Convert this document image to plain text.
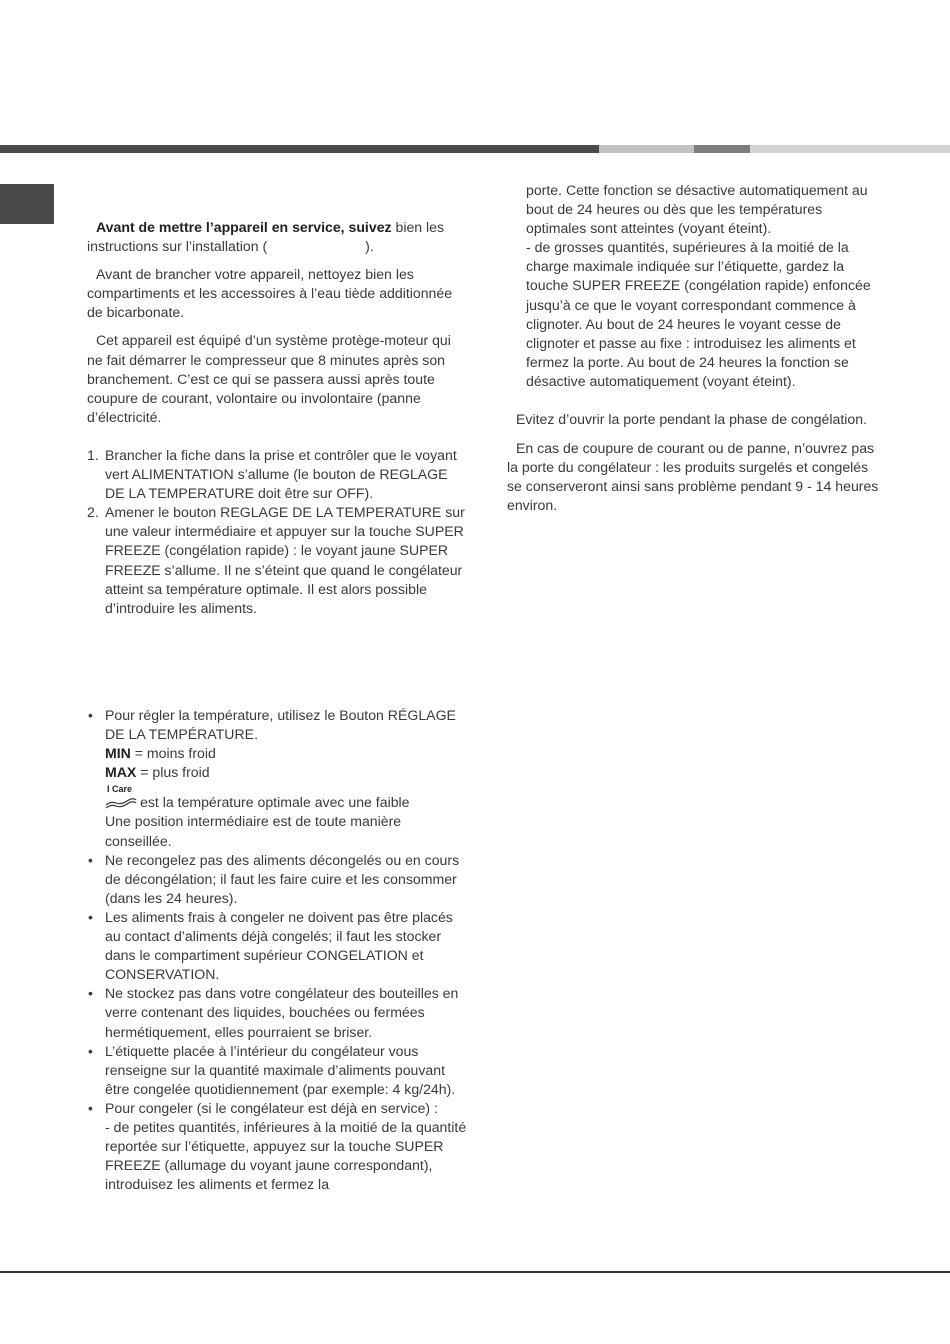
Avant de mettre l’appareil en service, suivez bien les instructions sur l’installation (	).

Avant de brancher votre appareil, nettoyez bien les compartiments et les accessoires à l’eau tiède additionnée de bicarbonate.

Cet appareil est équipé d’un système protège-moteur qui ne fait démarrer le compresseur que 8 minutes après son branchement. C’est ce qui se passera aussi après toute coupure de courant, volontaire ou involontaire (panne d’électricité.

1. Brancher la fiche dans la prise et contrôler que le voyant vert ALIMENTATION s’allume (le bouton de REGLAGE DE LA TEMPERATURE doit être sur OFF).
2. Amener le bouton REGLAGE DE LA TEMPERATURE sur une valeur intermédiaire et appuyer sur la touche SUPER FREEZE (congélation rapide) : le voyant jaune SUPER FREEZE s’allume. Il ne s’éteint que quand le congélateur atteint sa température optimale. Il est alors possible d’introduire les aliments.
• Pour régler la température, utilisez le Bouton RÉGLAGE DE LA TEMPÉRATURE.
MIN = moins froid
MAX = plus froid
I Care
est la température optimale avec une faible
Une position intermédiaire est de toute manière conseillée.
• Ne recongelez pas des aliments décongelés ou en cours de décongélation; il faut les faire cuire et les consommer (dans les 24 heures).
• Les aliments frais à congeler ne doivent pas être placés au contact d’aliments déjà congelés; il faut les stocker dans le compartiment supérieur CONGELATION et CONSERVATION.
• Ne stockez pas dans votre congélateur des bouteilles en verre contenant des liquides, bouchées ou fermées hermétiquement, elles pourraient se briser.
• L’étiquette placée à l’intérieur du congélateur vous renseigne sur la quantité maximale d’aliments pouvant être congelée quotidiennement (par exemple: 4 kg/24h).
• Pour congeler (si le congélateur est déjà en service) :
- de petites quantités, inférieures à la moitié de la quantité reportée sur l’étiquette, appuyez sur la touche SUPER FREEZE (allumage du voyant jaune correspondant), introduisez les aliments et fermez la

porte. Cette fonction se désactive automatiquement au bout de 24 heures ou dès que les températures optimales sont atteintes (voyant éteint).

- de grosses quantités, supérieures à la moitié de la charge maximale indiquée sur l’étiquette, gardez la touche SUPER FREEZE (congélation rapide) enfoncée jusqu’à ce que le voyant correspondant commence à clignoter. Au bout de 24 heures le voyant cesse de clignoter et passe au fixe : introduisez les aliments et fermez la porte. Au bout de 24 heures la fonction se désactive automatiquement (voyant éteint).

Evitez d’ouvrir la porte pendant la phase de congélation.

En cas de coupure de courant ou de panne, n’ouvrez pas la porte du congélateur : les produits surgelés et congelés se conserveront ainsi sans problème pendant 9 - 14 heures environ.
